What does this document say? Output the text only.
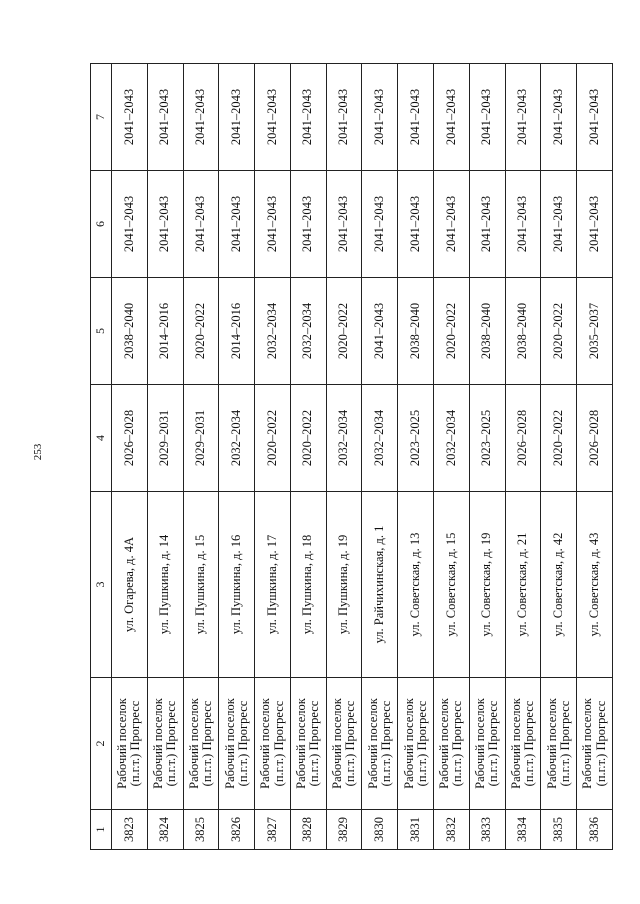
253
1	2	3	4	5	6	7
3823	Рабочий поселок (п.г.т.) Прогресс	ул. Огарева, д. 4А	2026–2028	2038–2040	2041–2043	2041–2043
3824	Рабочий поселок (п.г.т.) Прогресс	ул. Пушкина, д. 14	2029–2031	2014–2016	2041–2043	2041–2043
3825	Рабочий поселок (п.г.т.) Прогресс	ул. Пушкина, д. 15	2029–2031	2020–2022	2041–2043	2041–2043
3826	Рабочий поселок (п.г.т.) Прогресс	ул. Пушкина, д. 16	2032–2034	2014–2016	2041–2043	2041–2043
3827	Рабочий поселок (п.г.т.) Прогресс	ул. Пушкина, д. 17	2020–2022	2032–2034	2041–2043	2041–2043
3828	Рабочий поселок (п.г.т.) Прогресс	ул. Пушкина, д. 18	2020–2022	2032–2034	2041–2043	2041–2043
3829	Рабочий поселок (п.г.т.) Прогресс	ул. Пушкина, д. 19	2032–2034	2020–2022	2041–2043	2041–2043
3830	Рабочий поселок (п.г.т.) Прогресс	ул. Райчихинская, д. 1	2032–2034	2041–2043	2041–2043	2041–2043
3831	Рабочий поселок (п.г.т.) Прогресс	ул. Советская, д. 13	2023–2025	2038–2040	2041–2043	2041–2043
3832	Рабочий поселок (п.г.т.) Прогресс	ул. Советская, д. 15	2032–2034	2020–2022	2041–2043	2041–2043
3833	Рабочий поселок (п.г.т.) Прогресс	ул. Советская, д. 19	2023–2025	2038–2040	2041–2043	2041–2043
3834	Рабочий поселок (п.г.т.) Прогресс	ул. Советская, д. 21	2026–2028	2038–2040	2041–2043	2041–2043
3835	Рабочий поселок (п.г.т.) Прогресс	ул. Советская, д. 42	2020–2022	2020–2022	2041–2043	2041–2043
3836	Рабочий поселок (п.г.т.) Прогресс	ул. Советская, д. 43	2026–2028	2035–2037	2041–2043	2041–2043
